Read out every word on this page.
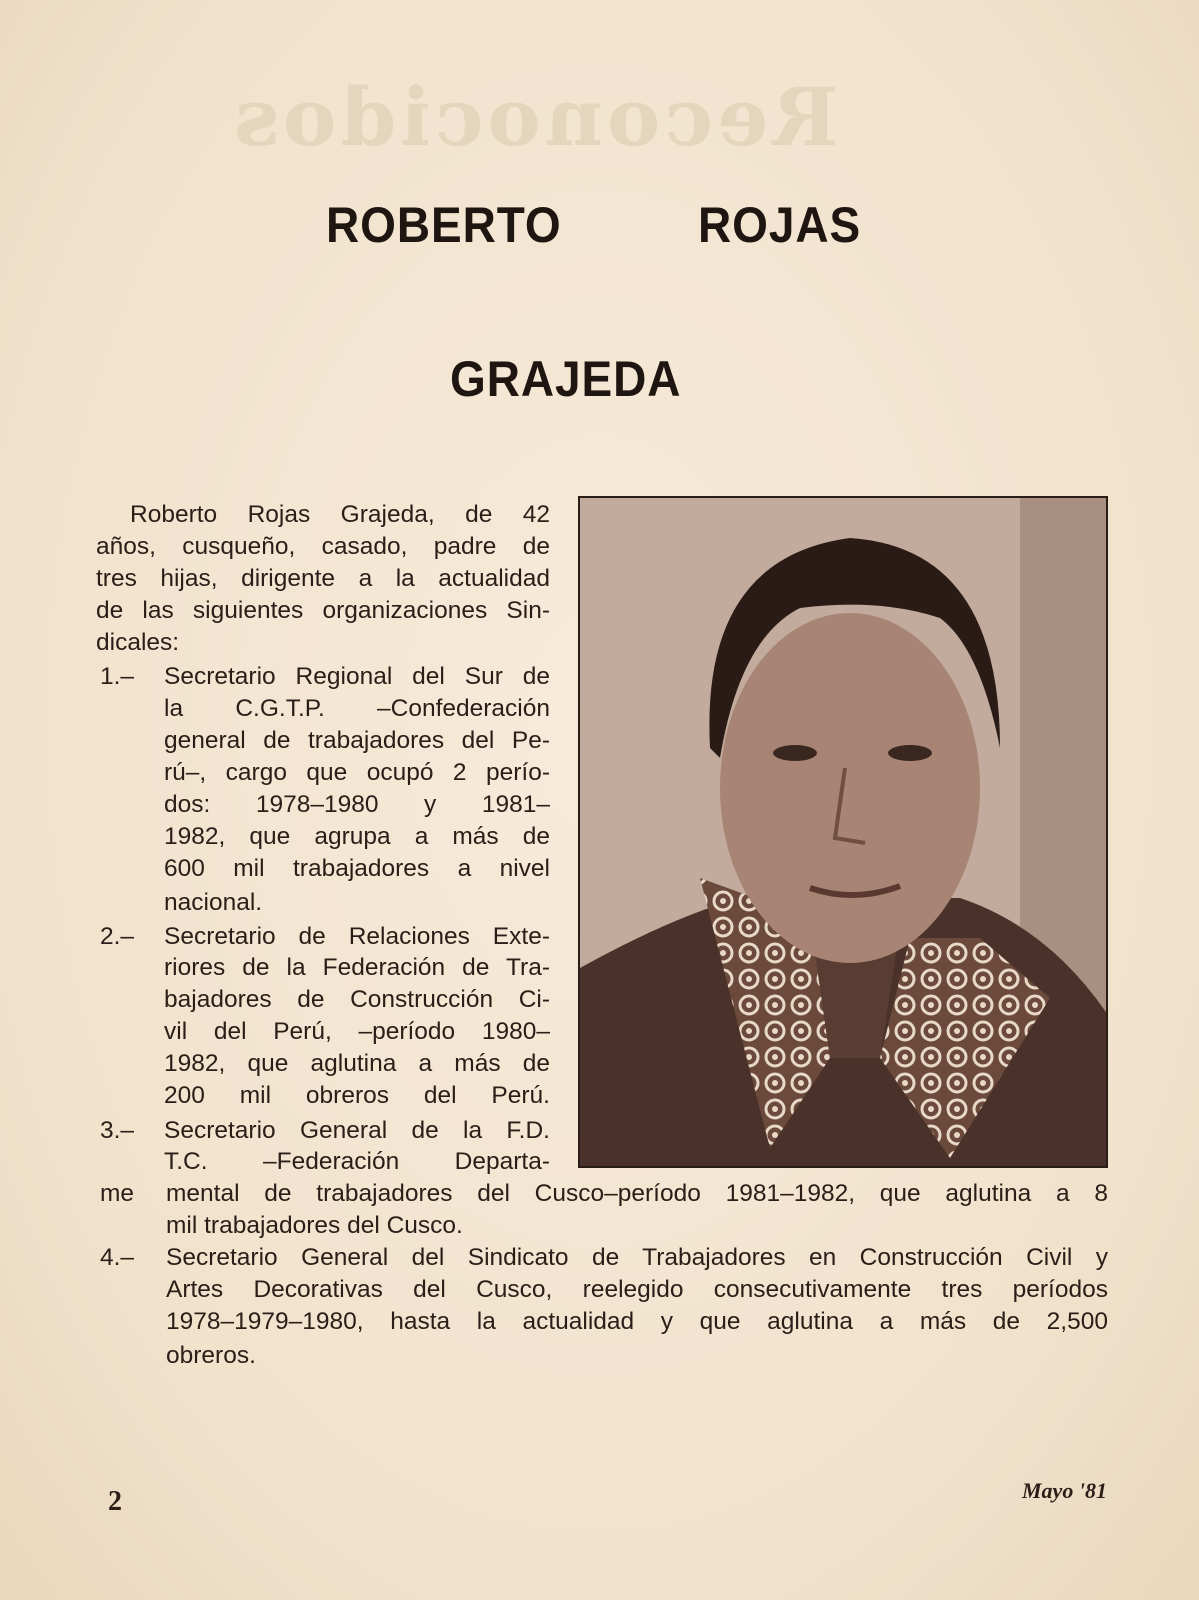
Reconocidos
ROBERTO	ROJAS
GRAJEDA
Roberto Rojas Grajeda, de 42
años, cusqueño, casado, padre de
tres hijas, dirigente a la actualidad
de las siguientes organizaciones Sin-
dicales:
1.– Secretario Regional del Sur de
la C.G.T.P. –Confederación
general de trabajadores del Pe-
rú–, cargo que ocupó 2 perío-
dos: 1978–1980 y 1981–
1982, que agrupa a más de
600 mil trabajadores a nivel
nacional.
2.– Secretario de Relaciones Exte-
riores de la Federación de Tra-
bajadores de Construcción Ci-
vil del Perú, –período 1980–
1982, que aglutina a más de
200 mil obreros del Perú.
3.– Secretario General de la F.D.
T.C. –Federación Departa-
me mental de trabajadores del Cusco–período 1981–1982, que aglutina a 8
mil trabajadores del Cusco.
4.– Secretario General del Sindicato de Trabajadores en Construcción Civil y
Artes Decorativas del Cusco, reelegido consecutivamente tres períodos
1978–1979–1980, hasta la actualidad y que aglutina a más de 2,500
obreros.
2	Mayo '81
